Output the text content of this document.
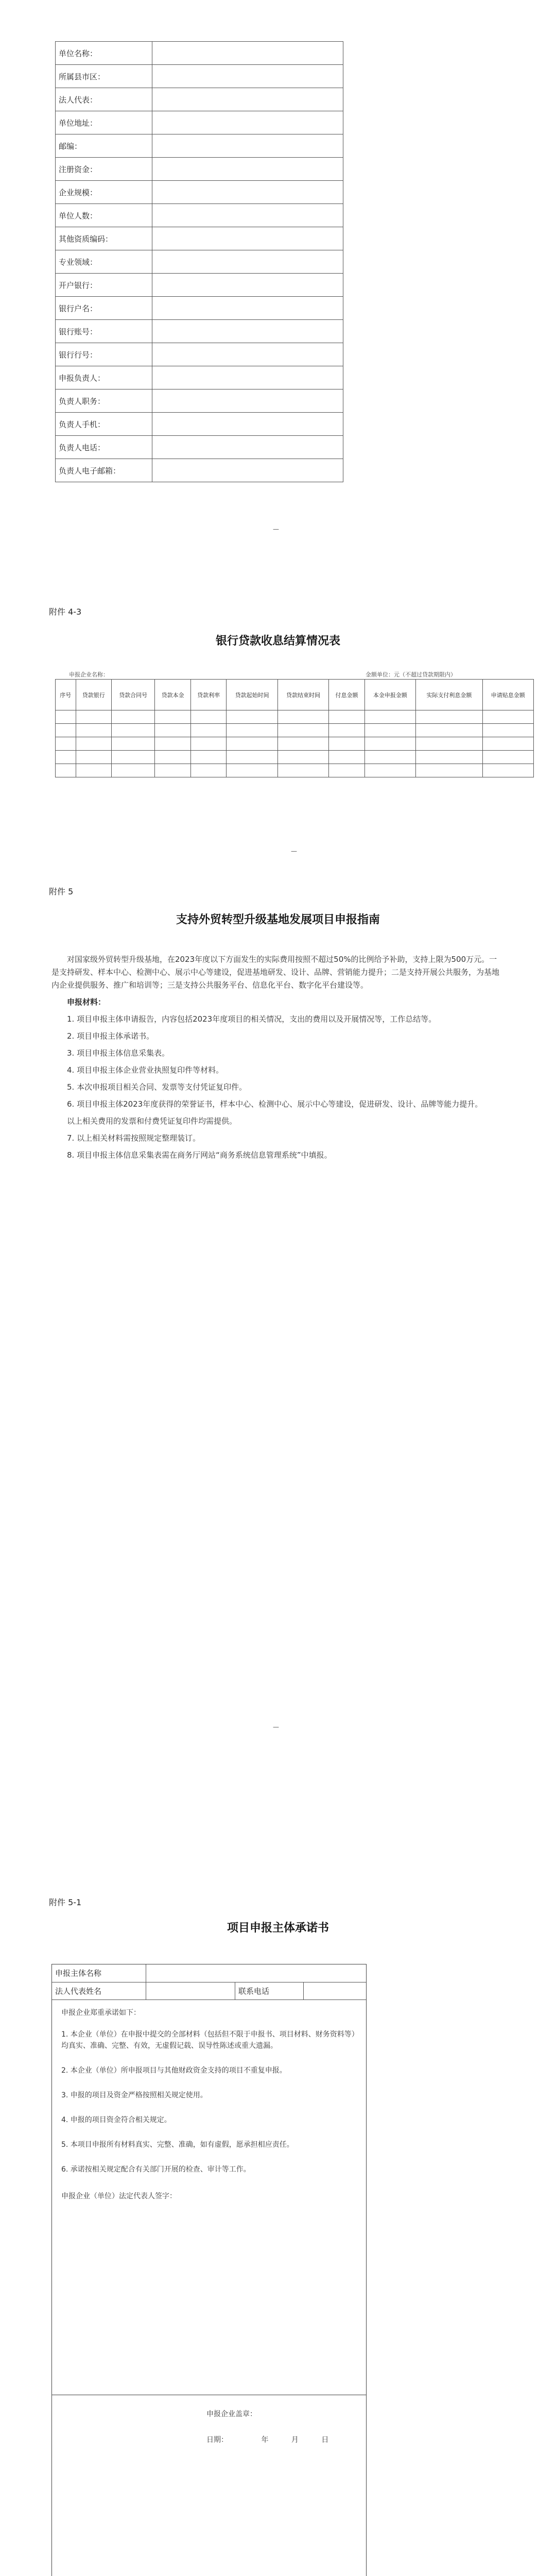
单位名称：	
所属县市区：	
法人代表：	
单位地址：	
邮编：	
注册资金：	
企业规模：	
单位人数：	
其他资质编码：	
专业领域：	
开户银行：	
银行户名：	
银行账号：	
银行行号：	
申报负责人：	
负责人职务：	
负责人手机：	
负责人电话：	
负责人电子邮箱：	
—
附件 4-3
银行贷款收息结算情况表
申报企业名称：	金额单位：元（不超过贷款期限内）
序号	贷款银行	贷款合同号	贷款本金	贷款利率	贷款起始时间	贷款结束时间	付息金额	本金申报金额	实际支付利息金额	申请贴息金额

—
附件 5
支持外贸转型升级基地发展项目申报指南

对国家级外贸转型升级基地，在2023年度以下方面发生的实际费用按照不超过50%的比例给予补助，支持上限为500万元。一是支持研发、样本中心、检测中心、展示中心等建设，促进基地研发、设计、品牌、营销能力提升；二是支持开展公共服务，为基地内企业提供服务、推广和培训等；三是支持公共服务平台、信息化平台、数字化平台建设等。

申报材料：

1. 项目申报主体申请报告，内容包括2023年度项目的相关情况，支出的费用以及开展情况等，工作总结等。

2. 项目申报主体承诺书。

3. 项目申报主体信息采集表。

4. 项目申报主体企业营业执照复印件等材料。

5. 本次申报项目相关合同、发票等支付凭证复印件。

6. 项目申报主体2023年度获得的荣誉证书，样本中心、检测中心、展示中心等建设，促进研发、设计、品牌等能力提升。

以上相关费用的发票和付费凭证复印件均需提供。

7. 以上相关材料需按照规定整理装订。

8. 项目申报主体信息采集表需在商务厅网站“商务系统信息管理系统”中填报。

—
附件 5-1
项目申报主体承诺书
申报主体名称			
法人代表姓名		联系电话	
申报企业郑重承诺如下：
1. 本企业（单位）在申报中提交的全部材料（包括但不限于申报书、项目材料、财务资料等）均真实、准确、完整、有效，无虚假记载、误导性陈述或重大遗漏。
2. 本企业（单位）所申报项目与其他财政资金支持的项目不重复申报。
3. 申报的项目及资金严格按照相关规定使用。
4. 申报的项目资金符合相关规定。
5. 本项目申报所有材料真实、完整、准确，如有虚假，愿承担相应责任。
6. 承诺按相关规定配合有关部门开展的检查、审计等工作。
申报企业（单位）法定代表人签字：
申报企业盖章：
日期：	年	月	日
